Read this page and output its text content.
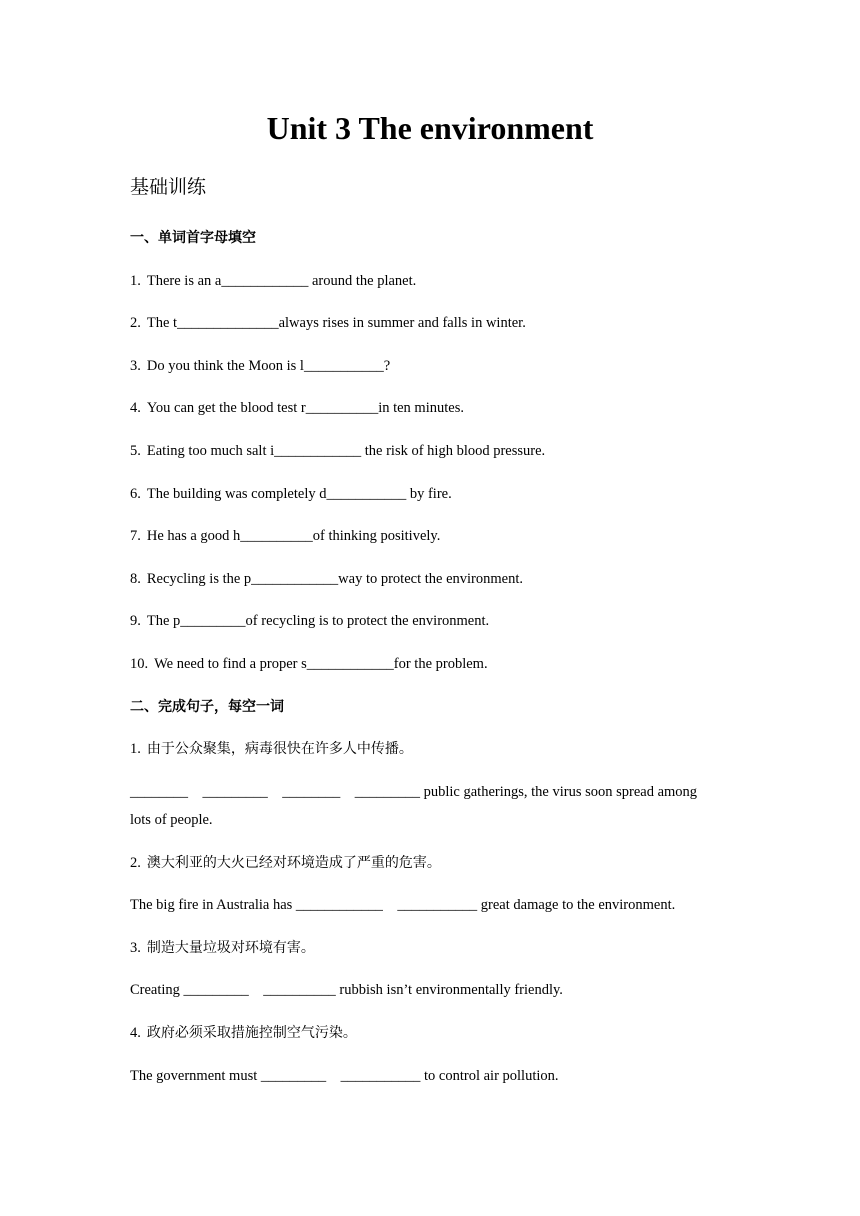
Unit 3 The environment
基础训练
一、单词首字母填空
1. There is an a____________ around the planet.
2. The t______________always rises in summer and falls in winter.
3. Do you think the Moon is l___________?
4. You can get the blood test r__________in ten minutes.
5. Eating too much salt i____________ the risk of high blood pressure.
6. The building was completely d___________ by fire.
7. He has a good h__________of thinking positively.
8. Recycling is the p____________way to protect the environment.
9. The p_________of recycling is to protect the environment.
10. We need to find a proper s____________for the problem.
二、完成句子，每空一词
1. 由于公众聚集，病毒很快在许多人中传播。
________    _________    ________    _________ public gatherings, the virus soon spread among
lots of people.
2. 澳大利亚的大火已经对环境造成了严重的危害。
The big fire in Australia has ____________    ___________ great damage to the environment.
3. 制造大量垃圾对环境有害。
Creating _________    __________ rubbish isn’t environmentally friendly.
4. 政府必须采取措施控制空气污染。
The government must _________    ___________ to control air pollution.
